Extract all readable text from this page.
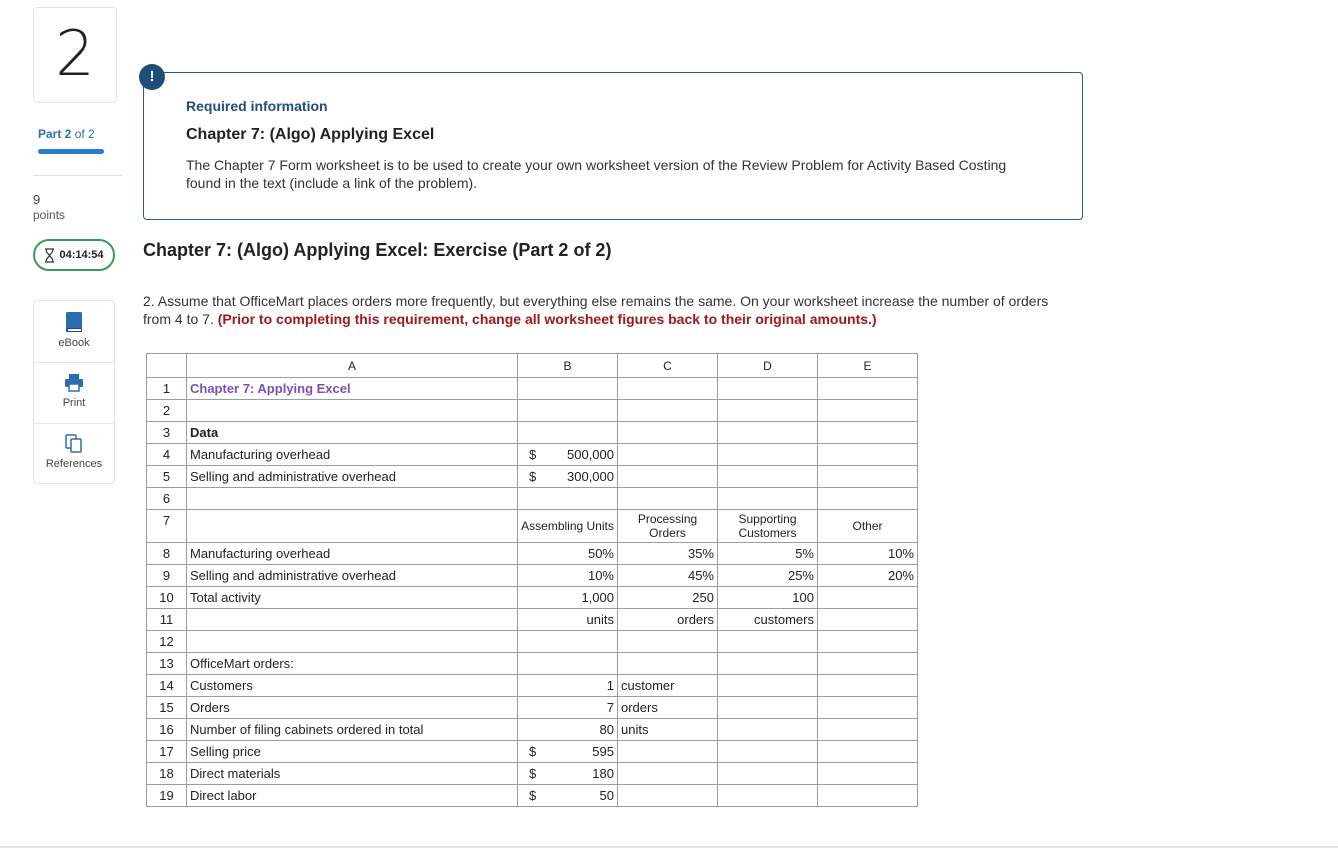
2
Part 2 of 2
9
points
04:14:54
eBook
Print
References
!
Required information
Chapter 7: (Algo) Applying Excel
The Chapter 7 Form worksheet is to be used to create your own worksheet version of the Review Problem for Activity Based Costing found in the text (include a link of the problem).
Chapter 7: (Algo) Applying Excel: Exercise (Part 2 of 2)
2. Assume that OfficeMart places orders more frequently, but everything else remains the same. On your worksheet increase the number of orders from 4 to 7. (Prior to completing this requirement, change all worksheet figures back to their original amounts.)
	A	B	C	D	E
1	Chapter 7: Applying Excel				
2					
3	Data				
4	Manufacturing overhead	$ 500,000			
5	Selling and administrative overhead	$ 300,000			
6					
7		Assembling Units	Processing Orders	Supporting Customers	Other
8	Manufacturing overhead	50%	35%	5%	10%
9	Selling and administrative overhead	10%	45%	25%	20%
10	Total activity	1,000	250	100	
11		units	orders	customers	
12					
13	OfficeMart orders:				
14	Customers	1	customer		
15	Orders	7	orders		
16	Number of filing cabinets ordered in total	80	units		
17	Selling price	$ 595			
18	Direct materials	$ 180			
19	Direct labor	$ 50			
